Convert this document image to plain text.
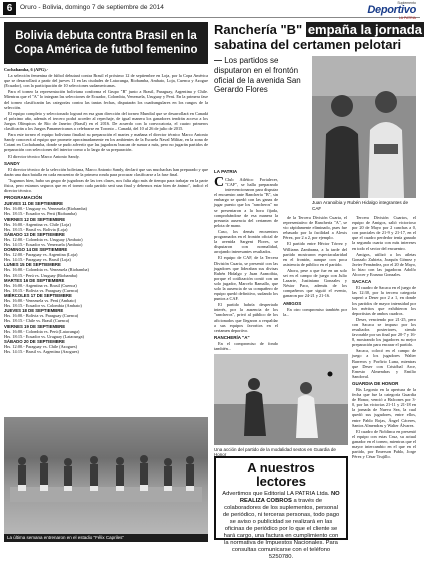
6	Oruro - Bolivia, domingo 7 de septiembre de 2014
Suplemento
Deportivo
LA PATRIA
Bolivia debuta contra Brasil en la Copa América de futbol femenino

Cochabamba, 6 (APG).-

La selección femenina de fútbol debutará contra Brasil el próximo 12 de septiembre en Loja, por la Copa América que se desarrollará a partir del jueves 11 en las ciudades de Latacunga, Riobamba, Ambato, Loja, Cuenca y Azogue (Ecuador), con la participación de 10 selecciones sudamericanas.

Para el torneo la representación boliviana conforma el Grupo "B" junto a Brasil, Paraguay, Argentina y Chile. Mientras que el "A" lo integran las selecciones de Ecuador, Colombia, Venezuela, Uruguay y Perú. En la primera fase del torneo clasificarán las categorías contra las tantas fechas, disputarán los cuadrangulares en los rangos de la selección.

El equipo completo y seleccionado logrará en esa gran dirección del torneo Mundial que se desarrollará en Canadá el próximo año, además el tercero podrá acceder al repechaje, de igual manera los ganadores tendrán acceso a los Juegos Olímpicos de Río de Janeiro (Brasil) en el 2016. De acuerdo con la convocatoria, el cuatro primeros clasificarán a los Juegos Panamericanos a celebrarse en Toronto – Canadá, del 10 al 26 de julio de 2015.

Para este torneo el equipo boliviano finalizó su preparación el martes y mañana el director técnico Marco Antonio Sandy conocerá al equipo que promete aproximadamente en los ambientes de la Escuela Naval Militar, en la zona de Cotani en Cochabamba, donde se pudo advertir que las jugadoras buscan de sumar a más, pero no jugarán partidos de preparación con selecciones del interior como a lo largo de su preparación.

El director técnico Marco Antonio Sandy.

SANDY

El director técnico de la selección boliviana, Marco Antonio Sandy, declaró que sus muchachas han preparado y que darán una dura batalla en cada encuentro de la primera ronda para procurar clasificarse a la fase final.

"Jugamos bien, hubo un grupo de jugadoras de las tres clases, nos falta algo más de tiempo para trabajar en la parte física, pero estamos seguros que en el torneo cada partido será una final y debemos estar bien de ánimo", indicó el director técnico.

PROGRAMACIÓN

JUEVES 11 DE SEPTIEMBRE

Hrs. 16:00.- Uruguay vs. Venezuela (Riobamba)

Hrs. 18:15.- Ecuador vs. Perú (Riobamba)

VIERNES 12 DE SEPTIEMBRE

Hrs. 16:00.- Argentina vs. Chile (Loja)

Hrs. 18:15.- Brasil vs. Bolivia (Loja)

SÁBADO 13 DE SEPTIEMBRE

Hrs. 12:00.- Colombia vs. Uruguay (Ambato)

Hrs. 14:15.- Ecuador vs. Venezuela (Ambato)

DOMINGO 14 DE SEPTIEMBRE

Hrs. 12:00.- Paraguay vs. Argentina (Loja)

Hrs. 14:15.- Paraguay vs. Brasil (Loja)

LUNES 15 DE SEPTIEMBRE

Hrs. 16:00.- Colombia vs. Venezuela (Riobamba)

Hrs. 18:15.- Perú vs. Uruguay (Riobamba)

MARTES 16 DE SEPTIEMBRE

Hrs. 16:00.- Argentina vs. Brasil (Cuenca)

Hrs. 18:15.- Bolivia vs. Paraguay (Cuenca)

MIÉRCOLES 17 DE SEPTIEMBRE

Hrs. 16:00.- Venezuela vs. Perú (Ambato)

Hrs. 18:15.- Ecuador vs. Colombia (Ambato)

JUEVES 18 DE SEPTIEMBRE

Hrs. 16:00.- Bolivia vs. Paraguay (Cuenca)

Hrs. 18:15.- Chile vs. Brasil (Cuenca)

VIERNES 19 DE SEPTIEMBRE

Hrs. 16:00.- Colombia vs. Perú (Latacunga)

Hrs. 18:15.- Ecuador vs. Uruguay (Latacunga)

SÁBADO 20 DE SEPTIEMBRE

Hrs. 12:00.- Paraguay vs. Chile (Azogues)

Hrs. 14:15.- Brasil vs. Argentina (Azogues)

La última semana entrenaron en el estadio "Félix Capriles"
Ranchería "B" empaña la jornada
sabatina del certamen pelotari
— Los partidos se disputaron en el frontón oficial de la avenida San Gerardo Flores
LA PATRIA
Juan Aranoibia y Rubén Hidalgo integrantes de CAF

C Club Atlético Fortalecer, "CAF", se halla preparando intervencionaron para disputar el encuentro ante Ranchería "B", sin embargo se quedó con las ganas de jugar puesto que los "rancheros" no se presentaron a la hora fijada, comprobándose de esa manera la presunta ausencia del certamen de pelota de mano.

Caso, los demás encuentros programados en el frontón oficial de la avenida Sargent Flores, se disputaron con normalidad, arrojando interesantes resultados.

El equipo de CAF, de la Tercera División Cuarta, se presentó con las jugadores que lideraban sus divisas Rubén Hidalgo y Juan Aranoibia, porque el cotilización contó con un solo jugador, Marcelo Ramallo, que solo la ausencia de su compañero de equipo quedó definitivo, sudando los puntos a CAF.

El partido habría despertado interés, por la ausencia de los "rancheros", privó al público de los aficionados que llegaron a respaldar a sus equipos favoritos en el certamen deportivo.

RANCHERÍA "A"

En el compromiso de fondo también...

de la Tercera División Cuarta, el representativo de Ranchería "A", se vio rápidamente eliminado, pues fue rebasado por la facilidad a Alexis Pérez, por 2 a 2, por ejemplo.

El partido entre Héctor Tórrez y Williams Zambrana, a la tarde del partido mostraron espectacularidad en el frontón, aunque con poca asistencia de público en el partido.

Ahora, pese a que fue en un solo set en el campo de juego con Julio Lazarte, Justiniano Gonzales y Néstor Paco, además de los compañeros que siguió el evento, ganaron por 24-21 y 21-16.

AMIGOS

En otro compromiso también por la...

Tercera División Cuartos, el equipo de Amigos, salió victorioso por 20 de Mayo por 2 canchas a 0, con parciales de 21-9 y 21-17, en el que el cuadro perdedor tenía ganado la segunda cuarta con más intereses en todo el sector del encuentro.

Amigos, utilizó a los atletas Gonzalo Zubieta, Joaquín Gómez y Javier Fernández, por el 20 de Mayo, lo hizo con las jugadoras Adolfo Alcocer y Erasmo Gonzales.

SACACA

El cuadro de Sacaca en el juego de las 12:30, por la tercera categoría superó a Deser por 2 a 1, en donde los partidos de mayor intensidad por los méritos que exhibieron los deportistas de ambos cuadros.

Deser, venciendo por 21-25, pero con Sacaca se impuso por los resultados posteriores, siendo favorable por un final por 20-7 y 16-8, mostrando los jugadores su mejor preparación para encarar el partido.

Sacaca, colocó en el campo de juego a los jugadores Walter Barreros y Porfirio Luna, mientras que Deser con Cristóbal Arce, Ernesto Almendras y Emilio Sandoval.

GUARDIA DE HONOR

Bis Legonio en la apertura de la fecha que fue la categoría Guardia de Honor, venció a Halcones por 3-0, por las victorias 21-11 y 21-18 en la jornada de Nueva Sea, la cual quedó sus jugadores, entre ellos, entre Pablo Rojas, Ángel Cáceres, Santos Almendras y Walter Álvarez.

El cuadro de Noblinca en presentó el equipo con estas Cruz, su actual ganador en el torneo, mientras que el mayor intercambio en el que en el partido, por Emerson Pablo, Jorge Pérez y César Trujillo.

Una acción del partido de la modalidad sextos en Guardia de Honor
A nuestros lectores
Advertimos que Editorial LA PATRIA Ltda. NO REALIZA COBROS a través de colaboradores de los suplementos, personal de periódico, ni terceras personas, todo pago se aviso o publicidad se realizará en las oficinas de periódico por lo que el cliente se hará cargo, una factura en cumplimiento con la normativa de Impuestos Nacionales. Para consultas comunicarse con el teléfono 5250780.
